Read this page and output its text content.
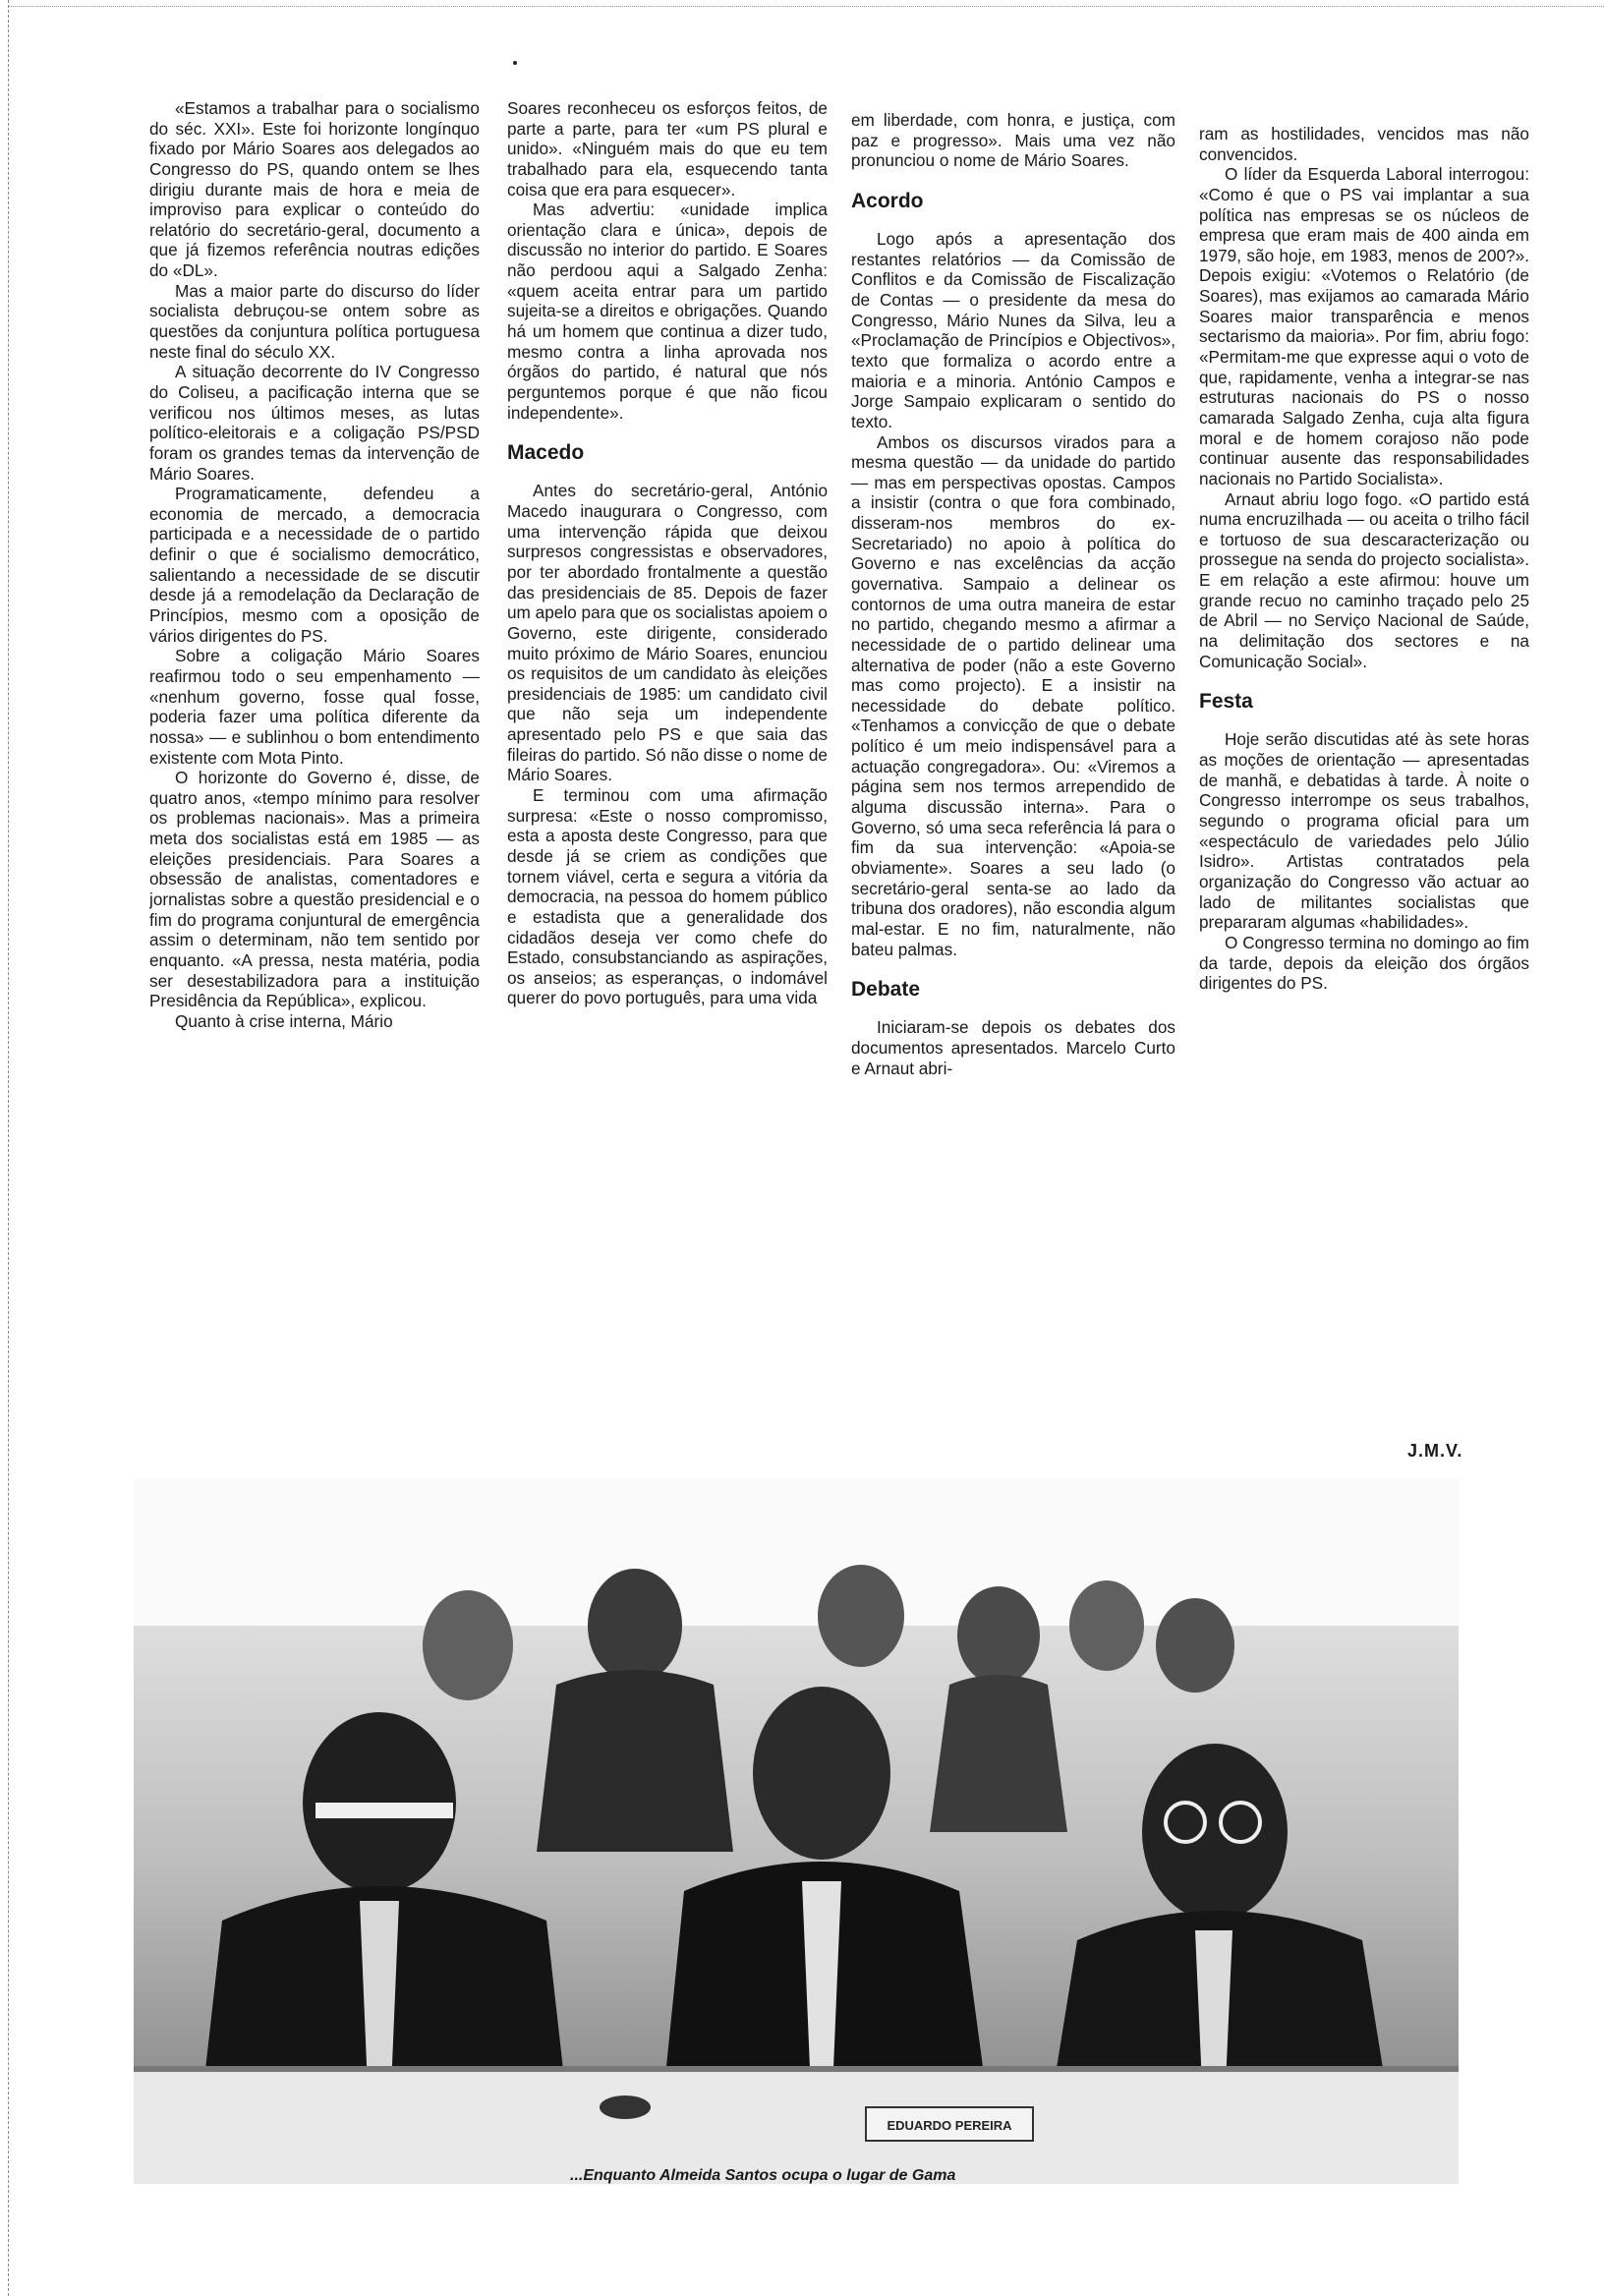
«Estamos a trabalhar para o socialismo do séc. XXI». Este foi horizonte longínquo fixado por Mário Soares aos delegados ao Congresso do PS, quando ontem se lhes dirigiu durante mais de hora e meia de improviso para explicar o conteúdo do relatório do secretário-geral, documento a que já fizemos referência noutras edições do «DL».

Mas a maior parte do discurso do líder socialista debruçou-se ontem sobre as questões da conjuntura política portuguesa neste final do século XX.

A situação decorrente do IV Congresso do Coliseu, a pacificação interna que se verificou nos últimos meses, as lutas político-eleitorais e a coligação PS/PSD foram os grandes temas da intervenção de Mário Soares.

Programaticamente, defendeu a economia de mercado, a democracia participada e a necessidade de o partido definir o que é socialismo democrático, salientando a necessidade de se discutir desde já a remodelação da Declaração de Princípios, mesmo com a oposição de vários dirigentes do PS.

Sobre a coligação Mário Soares reafirmou todo o seu empenhamento — «nenhum governo, fosse qual fosse, poderia fazer uma política diferente da nossa» — e sublinhou o bom entendimento existente com Mota Pinto.

O horizonte do Governo é, disse, de quatro anos, «tempo mínimo para resolver os problemas nacionais». Mas a primeira meta dos socialistas está em 1985 — as eleições presidenciais. Para Soares a obsessão de analistas, comentadores e jornalistas sobre a questão presidencial e o fim do programa conjuntural de emergência assim o determinam, não tem sentido por enquanto. «A pressa, nesta matéria, podia ser desestabilizadora para a instituição Presidência da República», explicou.

Quanto à crise interna, Mário

Soares reconheceu os esforços feitos, de parte a parte, para ter «um PS plural e unido». «Ninguém mais do que eu tem trabalhado para ela, esquecendo tanta coisa que era para esquecer».

Mas advertiu: «unidade implica orientação clara e única», depois de discussão no interior do partido. E Soares não perdoou aqui a Salgado Zenha: «quem aceita entrar para um partido sujeita-se a direitos e obrigações. Quando há um homem que continua a dizer tudo, mesmo contra a linha aprovada nos órgãos do partido, é natural que nós perguntemos porque é que não ficou independente».

Macedo

Antes do secretário-geral, António Macedo inaugurara o Congresso, com uma intervenção rápida que deixou surpresos congressistas e observadores, por ter abordado frontalmente a questão das presidenciais de 85. Depois de fazer um apelo para que os socialistas apoiem o Governo, este dirigente, considerado muito próximo de Mário Soares, enunciou os requisitos de um candidato às eleições presidenciais de 1985: um candidato civil que não seja um independente apresentado pelo PS e que saia das fileiras do partido. Só não disse o nome de Mário Soares.

E terminou com uma afirmação surpresa: «Este o nosso compromisso, esta a aposta deste Congresso, para que desde já se criem as condições que tornem viável, certa e segura a vitória da democracia, na pessoa do homem público e estadista que a generalidade dos cidadãos deseja ver como chefe do Estado, consubstanciando as aspirações, os anseios; as esperanças, o indomável querer do povo português, para uma vida

em liberdade, com honra, e justiça, com paz e progresso». Mais uma vez não pronunciou o nome de Mário Soares.

Acordo

Logo após a apresentação dos restantes relatórios — da Comissão de Conflitos e da Comissão de Fiscalização de Contas — o presidente da mesa do Congresso, Mário Nunes da Silva, leu a «Proclamação de Princípios e Objectivos», texto que formaliza o acordo entre a maioria e a minoria. António Campos e Jorge Sampaio explicaram o sentido do texto.

Ambos os discursos virados para a mesma questão — da unidade do partido — mas em perspectivas opostas. Campos a insistir (contra o que fora combinado, disseram-nos membros do ex-Secretariado) no apoio à política do Governo e nas excelências da acção governativa. Sampaio a delinear os contornos de uma outra maneira de estar no partido, chegando mesmo a afirmar a necessidade de o partido delinear uma alternativa de poder (não a este Governo mas como projecto). E a insistir na necessidade do debate político. «Tenhamos a convicção de que o debate político é um meio indispensável para a actuação congregadora». Ou: «Viremos a página sem nos termos arrependido de alguma discussão interna». Para o Governo, só uma seca referência lá para o fim da sua intervenção: «Apoia-se obviamente». Soares a seu lado (o secretário-geral senta-se ao lado da tribuna dos oradores), não escondia algum mal-estar. E no fim, naturalmente, não bateu palmas.

Debate

Iniciaram-se depois os debates dos documentos apresentados. Marcelo Curto e Arnaut abri-

ram as hostilidades, vencidos mas não convencidos.

O líder da Esquerda Laboral interrogou: «Como é que o PS vai implantar a sua política nas empresas se os núcleos de empresa que eram mais de 400 ainda em 1979, são hoje, em 1983, menos de 200?». Depois exigiu: «Votemos o Relatório (de Soares), mas exijamos ao camarada Mário Soares maior transparência e menos sectarismo da maioria». Por fim, abriu fogo: «Permitam-me que expresse aqui o voto de que, rapidamente, venha a integrar-se nas estruturas nacionais do PS o nosso camarada Salgado Zenha, cuja alta figura moral e de homem corajoso não pode continuar ausente das responsabilidades nacionais no Partido Socialista».

Arnaut abriu logo fogo. «O partido está numa encruzilhada — ou aceita o trilho fácil e tortuoso de sua descaracterização ou prossegue na senda do projecto socialista». E em relação a este afirmou: houve um grande recuo no caminho traçado pelo 25 de Abril — no Serviço Nacional de Saúde, na delimitação dos sectores e na Comunicação Social».

Festa

Hoje serão discutidas até às sete horas as moções de orientação — apresentadas de manhã, e debatidas à tarde. À noite o Congresso interrompe os seus trabalhos, segundo o programa oficial para um «espectáculo de variedades pelo Júlio Isidro». Artistas contratados pela organização do Congresso vão actuar ao lado de militantes socialistas que prepararam algumas «habilidades».

O Congresso termina no domingo ao fim da tarde, depois da eleição dos órgãos dirigentes do PS.

J.M.V.
EDUARDO PEREIRA
...Enquanto Almeida Santos ocupa o lugar de Gama
